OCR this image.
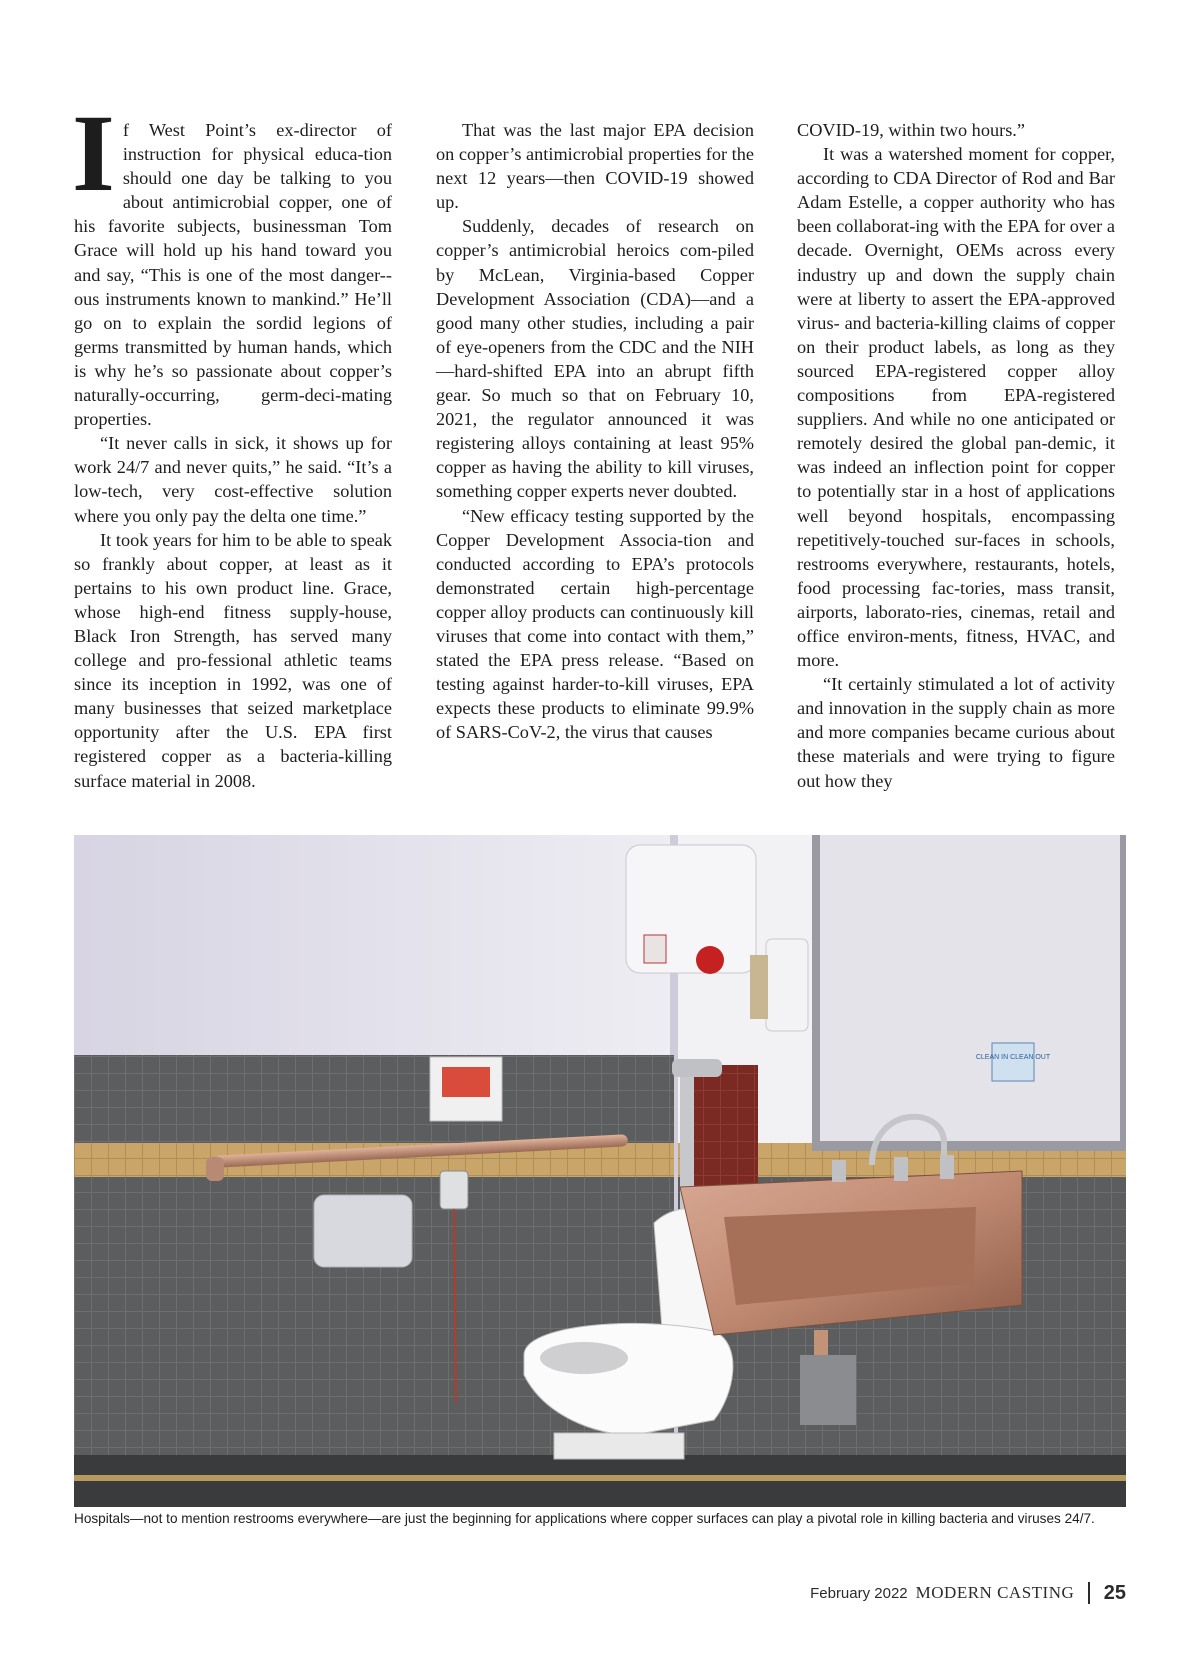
If West Point’s ex-director of instruction for physical educa-tion should one day be talking to you about antimicrobial copper, one of his favorite subjects, businessman Tom Grace will hold up his hand toward you and say, “This is one of the most danger-ous instruments known to mankind.” He’ll go on to explain the sordid legions of germs transmitted by human hands, which is why he’s so passionate about copper’s naturally-occurring, germ-deci-mating properties.

“It never calls in sick, it shows up for work 24/7 and never quits,” he said. “It’s a low-tech, very cost-effective solution where you only pay the delta one time.”

It took years for him to be able to speak so frankly about copper, at least as it pertains to his own product line. Grace, whose high-end fitness supply-house, Black Iron Strength, has served many college and pro-fessional athletic teams since its inception in 1992, was one of many businesses that seized marketplace opportunity after the U.S. EPA first registered copper as a bacteria-killing surface material in 2008.

That was the last major EPA decision on copper’s antimicrobial properties for the next 12 years—then COVID-19 showed up.

Suddenly, decades of research on copper’s antimicrobial heroics com-piled by McLean, Virginia-based Copper Development Association (CDA)—and a good many other studies, including a pair of eye-openers from the CDC and the NIH—hard-shifted EPA into an abrupt fifth gear. So much so that on February 10, 2021, the regulator announced it was registering alloys containing at least 95% copper as having the ability to kill viruses, something copper experts never doubted.

“New efficacy testing supported by the Copper Development Associa-tion and conducted according to EPA’s protocols demonstrated certain high-percentage copper alloy products can continuously kill viruses that come into contact with them,” stated the EPA press release. “Based on testing against harder-to-kill viruses, EPA expects these products to eliminate 99.9% of SARS-CoV-2, the virus that causes

COVID-19, within two hours.”

It was a watershed moment for copper, according to CDA Director of Rod and Bar Adam Estelle, a copper authority who has been collaborat-ing with the EPA for over a decade. Overnight, OEMs across every industry up and down the supply chain were at liberty to assert the EPA-approved virus- and bacteria-killing claims of copper on their product labels, as long as they sourced EPA-registered copper alloy compositions from EPA-registered suppliers. And while no one anticipated or remotely desired the global pan-demic, it was indeed an inflection point for copper to potentially star in a host of applications well beyond hospitals, encompassing repetitively-touched sur-faces in schools, restrooms everywhere, restaurants, hotels, food processing fac-tories, mass transit, airports, laborato-ries, cinemas, retail and office environ-ments, fitness, HVAC, and more.

“It certainly stimulated a lot of activity and innovation in the supply chain as more and more companies became curious about these materials and were trying to figure out how they

CLEAN IN CLEAN OUT
Hospitals—not to mention restrooms everywhere—are just the beginning for applications where copper surfaces can play a pivotal role in killing bacteria and viruses 24/7.
February 2022 MODERN CASTING 25
